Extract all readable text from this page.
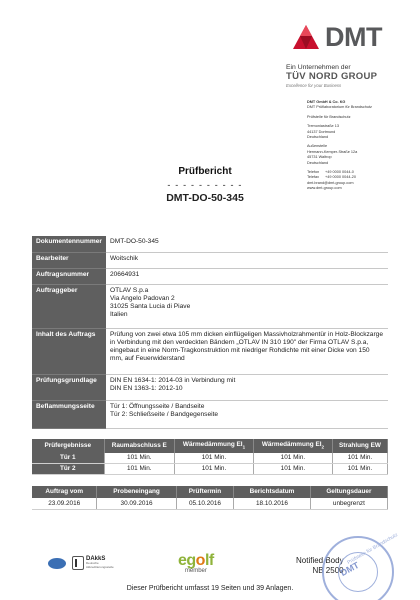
DMT
Ein Unternehmen der
TÜV NORD GROUP
Excellence for your Business
DMT GmbH & Co. KG
DMT Prüflaboratorium für Brandschutz
Prüfstelle für Brandschutz
Tremoniastraße 13
44137 Dortmund
Deutschland
Außenstelle
Hermann-Kemper-Straße 12a
45731 Waltrop
Deutschland
Telefon	+49 0000 0044-0
Telefax	+49 0000 0044-20
dmt.brand@dmt-group.com
www.dmt-group.com
Prüfbericht
- - - - - - - - - -
DMT-DO-50-345
Dokumentennummer	DMT-DO-50-345
Bearbeiter	Woitschik
Auftragsnummer	20664931
Auftraggeber	OTLAV S.p.a
Via Angelo Padovan 2
31025 Santa Lucia di Piave
Italien
Inhalt des Auftrags	Prüfung von zwei etwa 105 mm dicken einflügeligen Massivholzrahmentür in Holz-Blockzarge in Verbindung mit den verdeckten Bändern „OTLAV IN 310 190" der Firma OTLAV S.p.a, eingebaut in eine Norm-Tragkonstruktion mit niedriger Rohdichte mit einer Dicke von 150 mm, auf Feuerwiderstand
Prüfungsgrundlage	DIN EN 1634-1: 2014-03 in Verbindung mit
DIN EN 1363-1: 2012-10
Beflammungsseite	Tür 1: Öffnungsseite / Bandseite
Tür 2: Schließseite / Bandgegenseite
Prüfergebnisse	Raumabschluss E	Wärmedämmung $EI_1$	Wärmedämmung $EI_2$	Strahlung EW
Tür 1	101 Min.	101 Min.	101 Min.	101 Min.
Tür 2	101 Min.	101 Min.	101 Min.	101 Min.
Auftrag vom	Probeneingang	Prüftermin	Berichtsdatum	Geltungsdauer
23.09.2016	30.09.2016	05.10.2016	18.10.2016	unbegrenzt
DAkkS
Deutsche Akkreditierungsstelle	egolf
member
Notified Body
NB 2500
Prüfstelle für Brandschutz
DMT
Dieser Prüfbericht umfasst 19 Seiten und 39 Anlagen.
